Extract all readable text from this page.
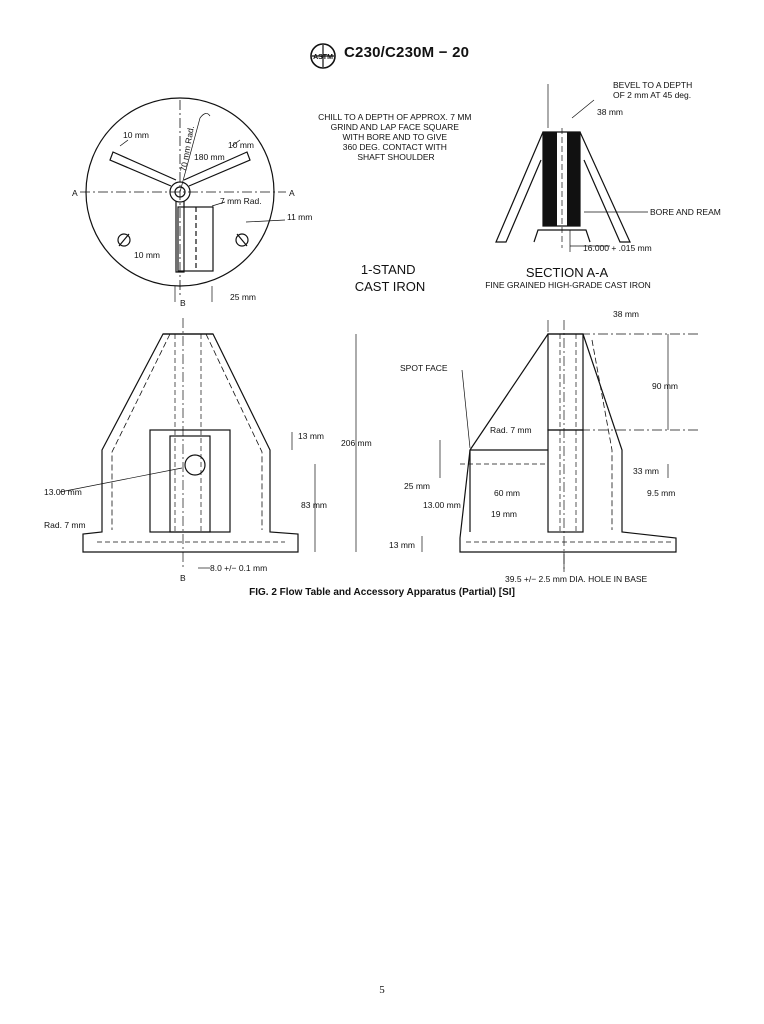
ASTM C230/C230M − 20
10 mm	70 mm Rad.	10 mm
180 mm
A	A
7 mm Rad.
11 mm
10 mm
25 mm
B
CHILL TO A DEPTH OF APPROX. 7 MM GRIND AND LAP FACE SQUARE WITH BORE AND TO GIVE 360 DEG. CONTACT WITH SHAFT SHOULDER
1-STAND CAST IRON
BEVEL TO A DEPTH OF 2 mm AT 45 deg.
38 mm
BORE AND REAM
16.000 + .015 mm
SECTION A-A
FINE GRAINED HIGH-GRADE CAST IRON
13 mm
206 mm
13.00 mm
83 mm
Rad. 7 mm
B
8.0 +/− 0.1 mm
38 mm
SPOT FACE
90 mm
Rad. 7 mm
33 mm
25 mm
60 mm	9.5 mm
13.00 mm
19 mm
13 mm
39.5 +/− 2.5 mm DIA. HOLE IN BASE
FIG. 2 Flow Table and Accessory Apparatus (Partial) [SI]
5
